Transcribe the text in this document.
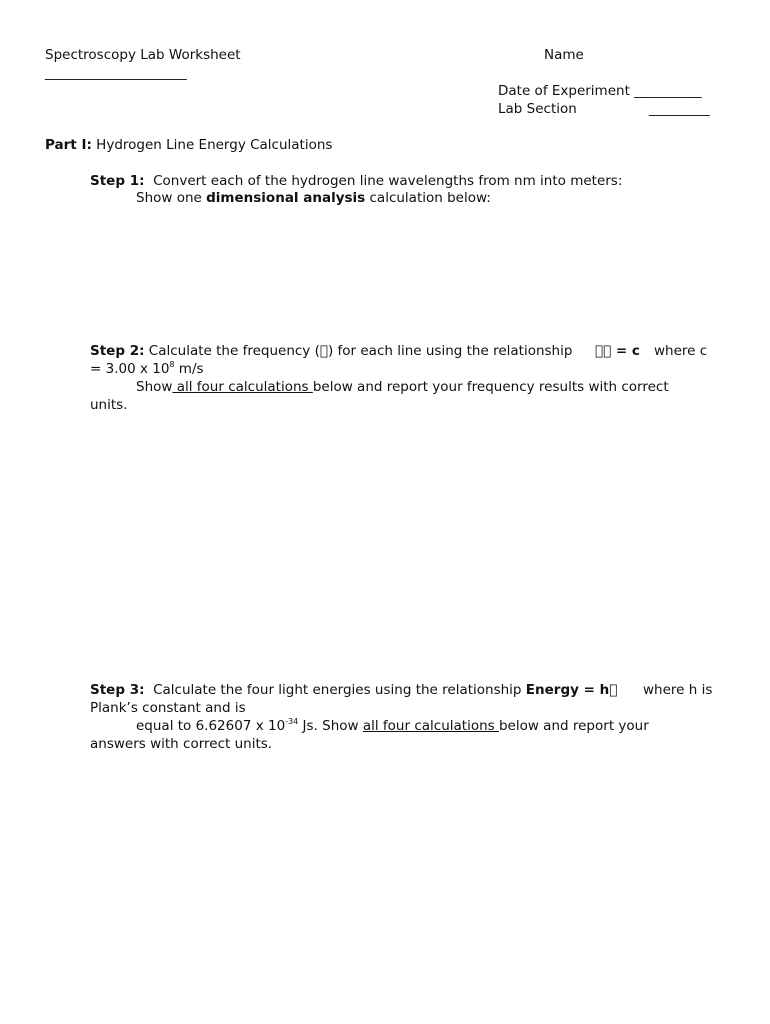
Spectroscopy Lab Worksheet
_____________________
Name
Date of Experiment __________
Lab Section	_________
Part I: Hydrogen Line Energy Calculations
Step 1: Convert each of the hydrogen line wavelengths from nm into meters:
Show one dimensional analysis calculation below:
Step 2: Calculate the frequency ( ) for each line using the relationship    = c where c
= 3.00 x $10^8$ m/s
Show all four calculations below and report your frequency results with correct
units.
Step 3: Calculate the four light energies using the relationship Energy = h  where h is
Plank’s constant and is
equal to 6.62607 x $10^{-34}$ Js. Show all four calculations below and report your
answers with correct units.
